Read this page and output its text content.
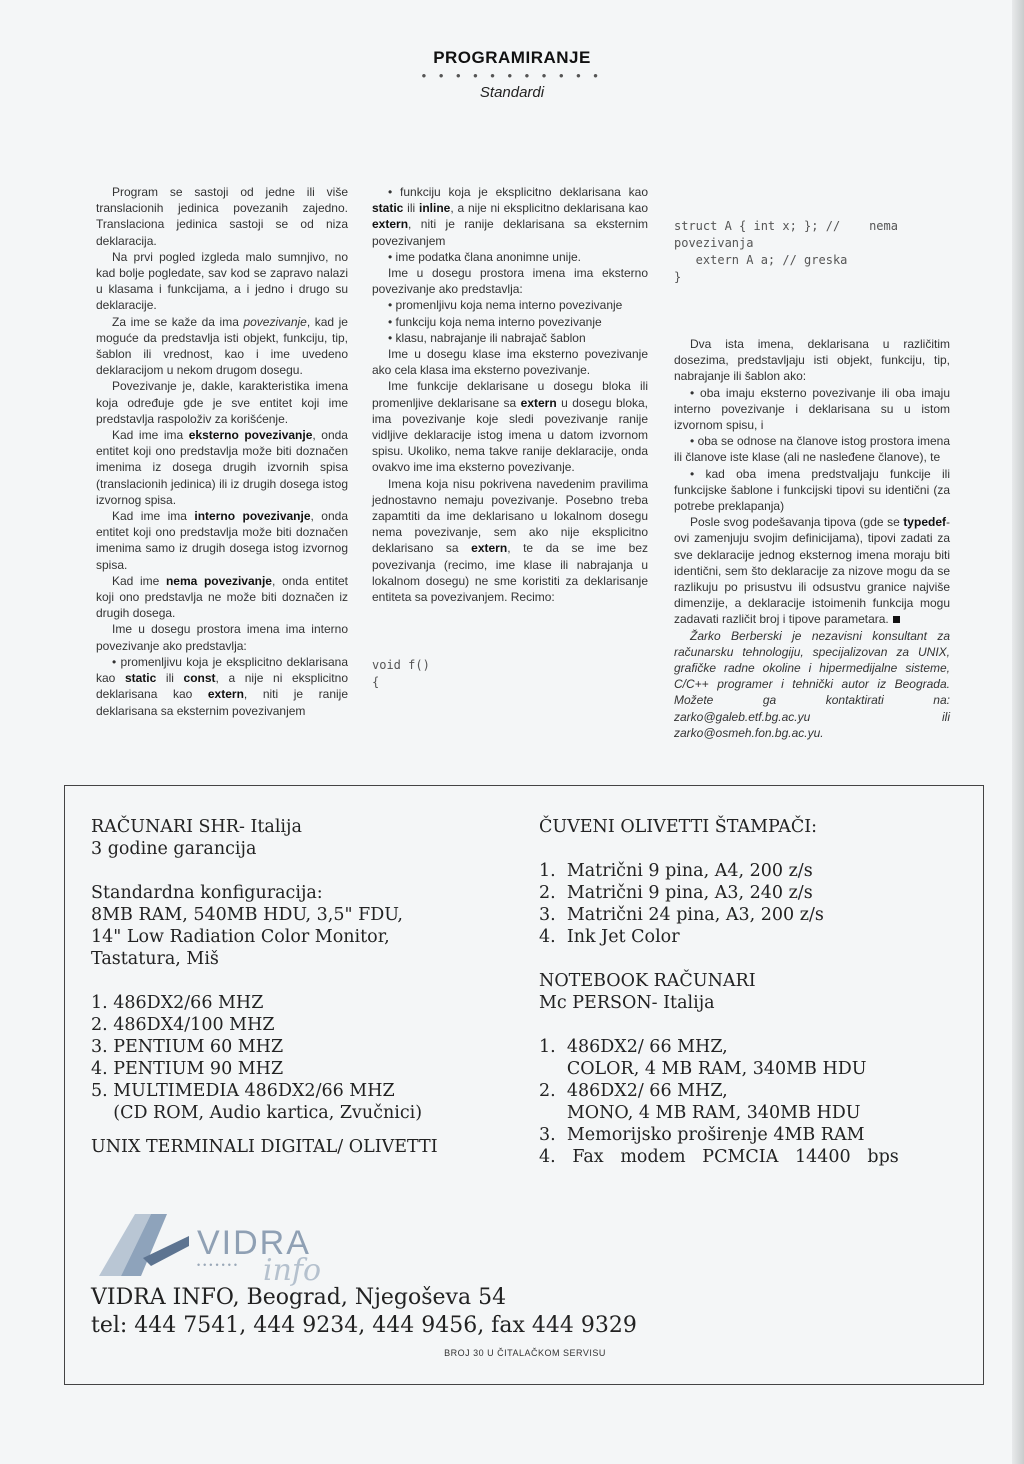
PROGRAMIRANJE
• • • • • • • • • • •
Standardi

Program se sastoji od jedne ili više translacionih jedinica povezanih zajedno. Translaciona jedinica sastoji se od niza deklaracija.

Na prvi pogled izgleda malo sumnjivo, no kad bolje pogledate, sav kod se zapravo nalazi u klasama i funkcijama, a i jedno i drugo su deklaracije.

Za ime se kaže da ima povezivanje, kad je moguće da predstavlja isti objekt, funkciju, tip, šablon ili vrednost, kao i ime uvedeno deklaracijom u nekom drugom dosegu.

Povezivanje je, dakle, karakteristika imena koja određuje gde je sve entitet koji ime predstavlja raspoloživ za korišćenje.

Kad ime ima eksterno povezivanje, onda entitet koji ono predstavlja može biti doznačen imenima iz dosega drugih izvornih spisa (translacionih jedinica) ili iz drugih dosega istog izvornog spisa.

Kad ime ima interno povezivanje, onda entitet koji ono predstavlja može biti doznačen imenima samo iz drugih dosega istog izvornog spisa.

Kad ime nema povezivanje, onda entitet koji ono predstavlja ne može biti doznačen iz drugih dosega.

Ime u dosegu prostora imena ima interno povezivanje ako predstavlja:

• promenljivu koja je eksplicitno deklarisana kao static ili const, a nije ni eksplicitno deklarisana kao extern, niti je ranije deklarisana sa eksternim povezivanjem

• funkciju koja je eksplicitno deklarisana kao static ili inline, a nije ni eksplicitno deklarisana kao extern, niti je ranije deklarisana sa eksternim povezivanjem

• ime podatka člana anonimne unije.

Ime u dosegu prostora imena ima eksterno povezivanje ako predstavlja:

• promenljivu koja nema interno povezivanje

• funkciju koja nema interno povezivanje

• klasu, nabrajanje ili nabrajač šablon

Ime u dosegu klase ima eksterno povezivanje ako cela klasa ima eksterno povezivanje.

Ime funkcije deklarisane u dosegu bloka ili promenljive deklarisane sa extern u dosegu bloka, ima povezivanje koje sledi povezivanje ranije vidljive deklaracije istog imena u datom izvornom spisu. Ukoliko, nema takve ranije deklaracije, onda ovakvo ime ima eksterno povezivanje.

Imena koja nisu pokrivena navedenim pravilima jednostavno nemaju povezivanje. Posebno treba zapamtiti da ime deklarisano u lokalnom dosegu nema povezivanje, sem ako nije eksplicitno deklarisano sa extern, te da se ime bez povezivanja (recimo, ime klase ili nabrajanja u lokalnom dosegu) ne sme koristiti za deklarisanje entiteta sa povezivanjem. Recimo:

void f()
{

struct A { int x; }; //    nema
povezivanja
extern A a; // greska
}

Dva ista imena, deklarisana u različitim dosezima, predstavljaju isti objekt, funkciju, tip, nabrajanje ili šablon ako:

• oba imaju eksterno povezivanje ili oba imaju interno povezivanje i deklarisana su u istom izvornom spisu, i

• oba se odnose na članove istog prostora imena ili članove iste klase (ali ne nasleđene članove), te

• kad oba imena predstvaljaju funkcije ili funkcijske šablone i funkcijski tipovi su identični (za potrebe preklapanja)

Posle svog podešavanja tipova (gde se typedef-ovi zamenjuju svojim definicijama), tipovi zadati za sve deklaracije jednog eksternog imena moraju biti identični, sem što deklaracije za nizove mogu da se razlikuju po prisustvu ili odsustvu granice najviše dimenzije, a deklaracije istoimenih funkcija mogu zadavati različit broj i tipove parametara.

Žarko Berberski je nezavisni konsultant za računarsku tehnologiju, specijalizovan za UNIX, grafičke radne okoline i hipermedijalne sisteme, C/C++ programer i tehnički autor iz Beograda. Možete ga kontaktirati na: zarko@galeb.etf.bg.ac.yu ili zarko@osmeh.fon.bg.ac.yu.

RAČUNARI SHR- Italija
3 godine garancija
Standardna konfiguracija:
8MB RAM, 540MB HDU, 3,5" FDU,
14" Low Radiation Color Monitor,
Tastatura, Miš
1. 486DX2/66 MHZ
2. 486DX4/100 MHZ
3. PENTIUM 60 MHZ
4. PENTIUM 90 MHZ
5. MULTIMEDIA 486DX2/66 MHZ
(CD ROM, Audio kartica, Zvučnici)
UNIX TERMINALI DIGITAL/ OLIVETTI
ČUVENI OLIVETTI ŠTAMPAČI:
1.  Matrični 9 pina, A4, 200 z/s
2.  Matrični 9 pina, A3, 240 z/s
3.  Matrični 24 pina, A3, 200 z/s
4.  Ink Jet Color
NOTEBOOK RAČUNARI
Mc PERSON- Italija
1.  486DX2/ 66 MHZ,
COLOR, 4 MB RAM, 340MB HDU
2.  486DX2/ 66 MHZ,
MONO, 4 MB RAM, 340MB HDU
3.  Memorijsko proširenje 4MB RAM
4.   Fax   modem   PCMCIA   14400   bps
VIDRA
••••••• info
VIDRA INFO, Beograd, Njegoševa 54
tel: 444 7541, 444 9234, 444 9456, fax 444 9329
BROJ 30 U ČITALAČKOM SERVISU
